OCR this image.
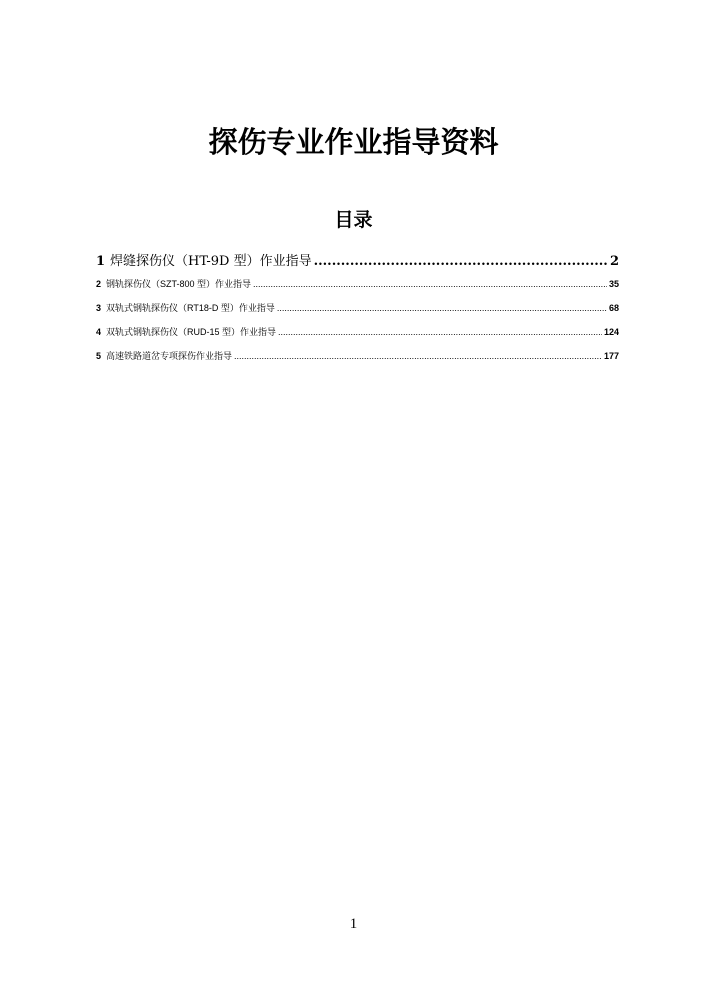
探伤专业作业指导资料
目录
1 焊缝探伤仪（HT-9D 型）作业指导 .....	2
2 钢轨探伤仪（SZT-800 型）作业指导 .....	35
3 双轨式钢轨探伤仪（RT18-D 型）作业指导 .....	68
4 双轨式钢轨探伤仪（RUD-15 型）作业指导 .....	124
5 高速铁路道岔专项探伤作业指导 .....	177
1
